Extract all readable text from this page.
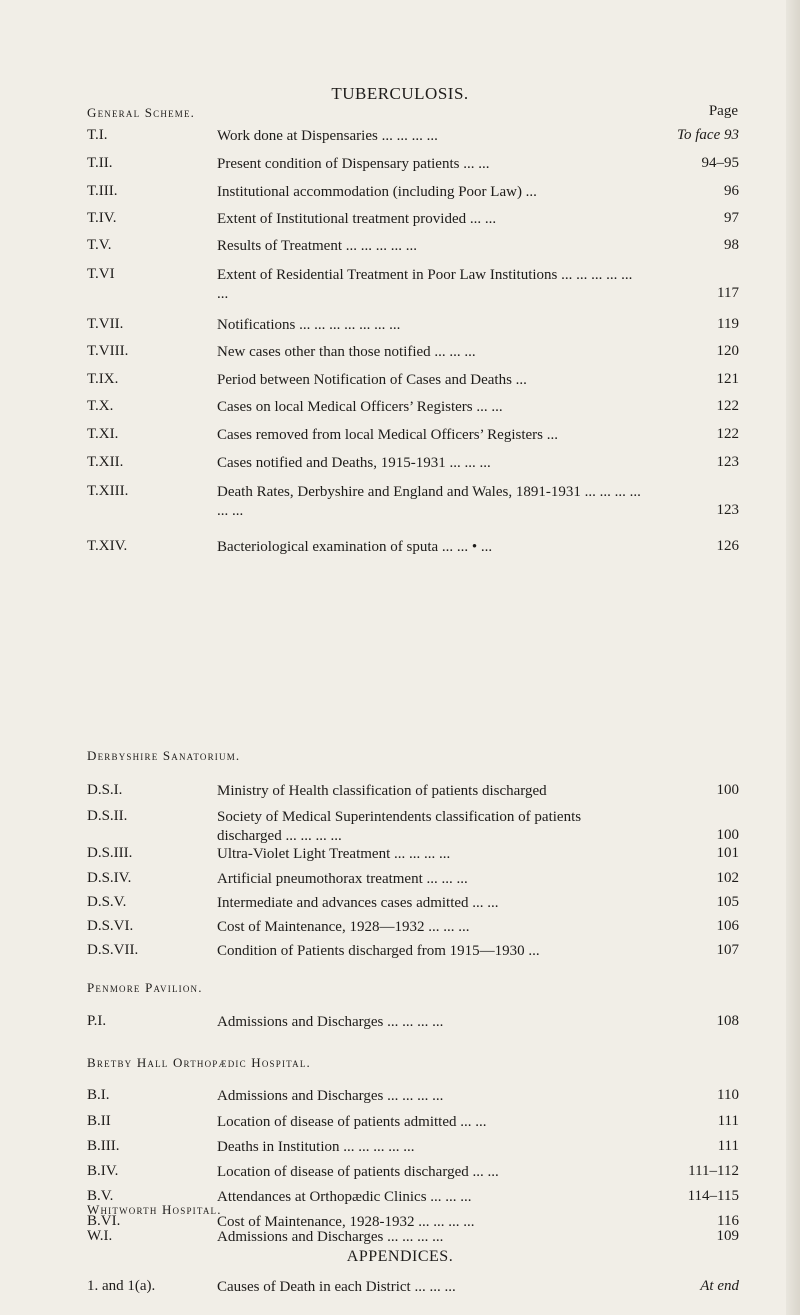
TUBERCULOSIS.
General Scheme.	Page
T.I.	Work done at Dispensaries ... ... ... ...	To face 93
T.II.	Present condition of Dispensary patients ... ...	94–95
T.III.	Institutional accommodation (including Poor Law) ...	96
T.IV.	Extent of Institutional treatment provided ... ...	97
T.V.	Results of Treatment ... ... ... ... ...	98
T.VI	Extent of Residential Treatment in Poor Law Institutions ... ... ... ... ... ...	117
T.VII.	Notifications ... ... ... ... ... ... ...	119
T.VIII.	New cases other than those notified ... ... ...	120
T.IX.	Period between Notification of Cases and Deaths ...	121
T.X.	Cases on local Medical Officers’ Registers ... ...	122
T.XI.	Cases removed from local Medical Officers’ Registers ...	122
T.XII.	Cases notified and Deaths, 1915-1931 ... ... ...	123
T.XIII.	Death Rates, Derbyshire and England and Wales, 1891-1931 ... ... ... ... ... ...	123
T.XIV.	Bacteriological examination of sputa ... ... • ...	126
Derbyshire Sanatorium.
D.S.I.	Ministry of Health classification of patients discharged	100
D.S.II.	Society of Medical Superintendents classification of patients discharged ... ... ... ...	100
D.S.III.	Ultra-Violet Light Treatment ... ... ... ...	101
D.S.IV.	Artificial pneumothorax treatment ... ... ...	102
D.S.V.	Intermediate and advances cases admitted ... ...	105
D.S.VI.	Cost of Maintenance, 1928—1932 ... ... ...	106
D.S.VII.	Condition of Patients discharged from 1915—1930 ...	107
Penmore Pavilion.
P.I.	Admissions and Discharges ... ... ... ...	108
Bretby Hall Orthopædic Hospital.
B.I.	Admissions and Discharges ... ... ... ...	110
B.II	Location of disease of patients admitted ... ...	111
B.III.	Deaths in Institution ... ... ... ... ...	111
B.IV.	Location of disease of patients discharged ... ...	111–112
B.V.	Attendances at Orthopædic Clinics ... ... ...	114–115
B.VI.	Cost of Maintenance, 1928-1932 ... ... ... ...	116
Whitworth Hospital.
W.I.	Admissions and Discharges ... ... ... ...	109
APPENDICES.
1. and 1(a).	Causes of Death in each District ... ... ...	At end
